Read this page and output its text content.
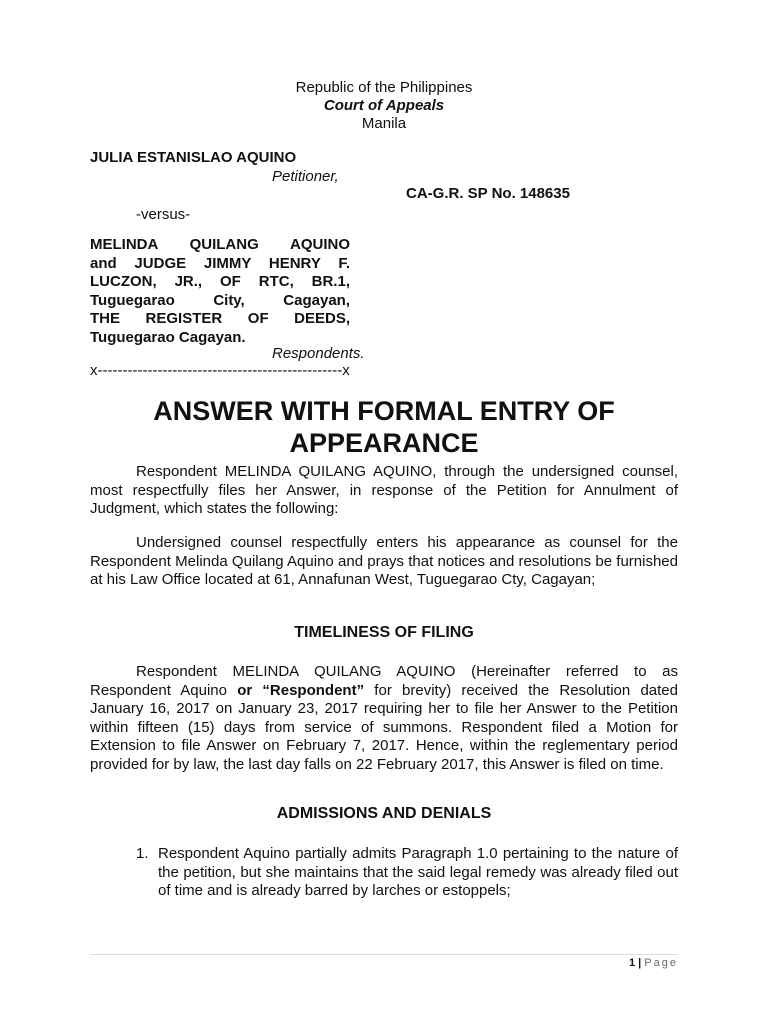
Republic of the Philippines
Court of Appeals
Manila
JULIA ESTANISLAO AQUINO
Petitioner,
CA-G.R. SP No. 148635
-versus-
MELINDA QUILANG AQUINO
and JUDGE JIMMY HENRY F.
LUCZON, JR., OF RTC, BR.1,
Tuguegarao City, Cagayan,
THE REGISTER OF DEEDS,
Tuguegarao Cagayan.
Respondents.
x-------------------------------------------------x
ANSWER WITH FORMAL ENTRY OF
APPEARANCE
Respondent MELINDA QUILANG AQUINO, through the undersigned counsel, most respectfully files her Answer, in response of the Petition for Annulment of Judgment, which states the following:
Undersigned counsel respectfully enters his appearance as counsel for the Respondent Melinda Quilang Aquino and prays that notices and resolutions be furnished at his Law Office located at 61, Annafunan West, Tuguegarao Cty, Cagayan;
TIMELINESS OF FILING
Respondent MELINDA QUILANG AQUINO (Hereinafter referred to as Respondent Aquino or “Respondent” for brevity) received the Resolution dated January 16, 2017 on January 23, 2017 requiring her to file her Answer to the Petition within fifteen (15) days from service of summons. Respondent filed a Motion for Extension to file Answer on February 7, 2017. Hence, within the reglementary period provided for by law, the last day falls on 22 February 2017, this Answer is filed on time.
ADMISSIONS AND DENIALS
1. Respondent Aquino partially admits Paragraph 1.0 pertaining to the nature of the petition, but she maintains that the said legal remedy was already filed out of time and is already barred by larches or estoppels;
1 | Page
